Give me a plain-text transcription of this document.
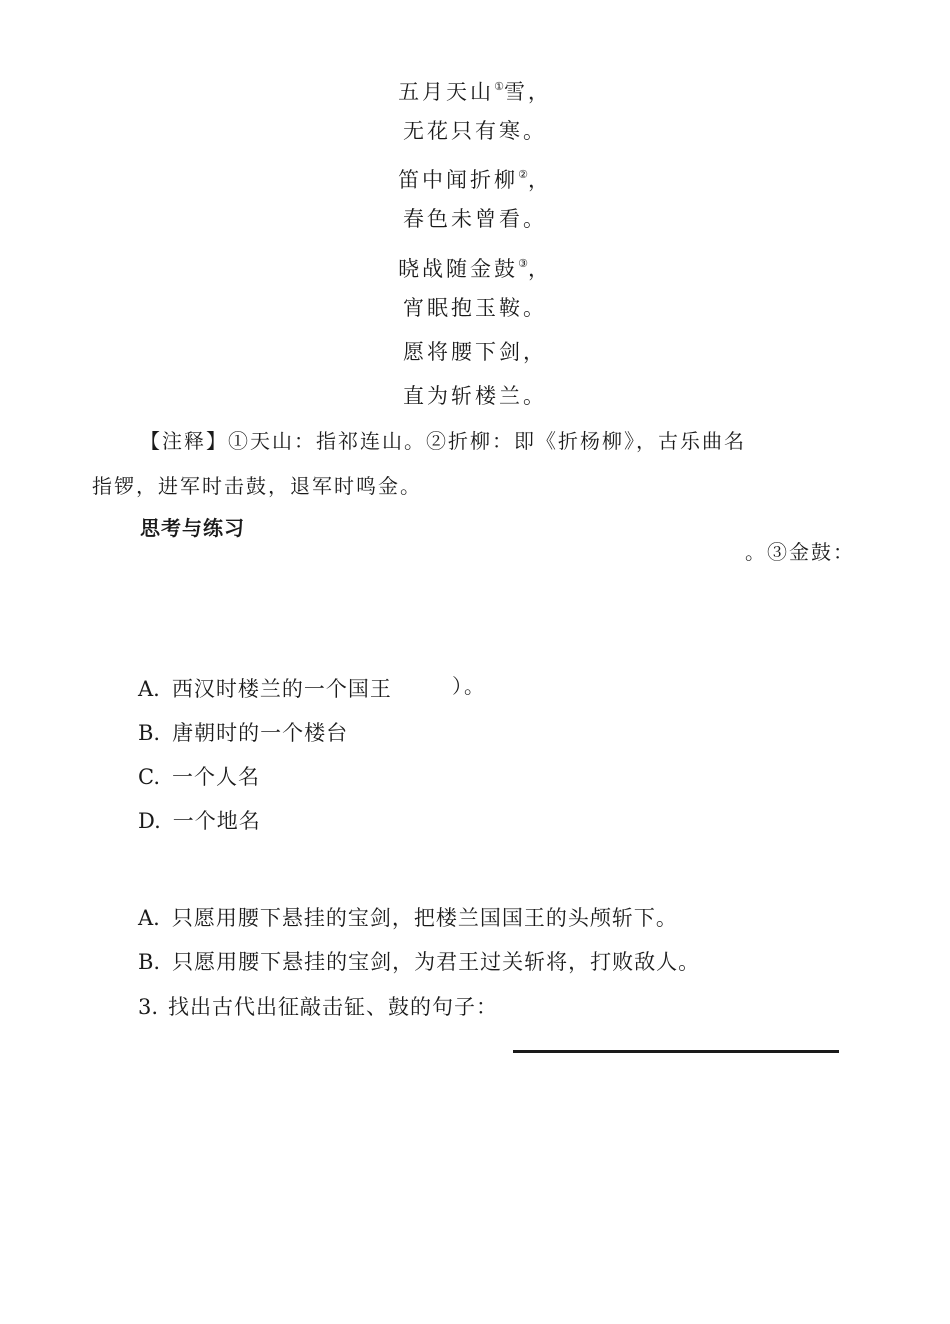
五月天山①雪，
无花只有寒。
笛中闻折柳②，
春色未曾看。
晓战随金鼓③，
宵眠抱玉鞍。
愿将腰下剑，
直为斩楼兰。
【注释】①天山：指祁连山。②折柳：即《折杨柳》，古乐曲名
指锣，进军时击鼓，退军时鸣金。
思考与练习
。③金鼓：
）。
A. 西汉时楼兰的一个国王
B. 唐朝时的一个楼台
C. 一个人名
D. 一个地名
A. 只愿用腰下悬挂的宝剑，把楼兰国国王的头颅斩下。
B. 只愿用腰下悬挂的宝剑，为君王过关斩将，打败敌人。
3. 找出古代出征敲击钲、鼓的句子：
